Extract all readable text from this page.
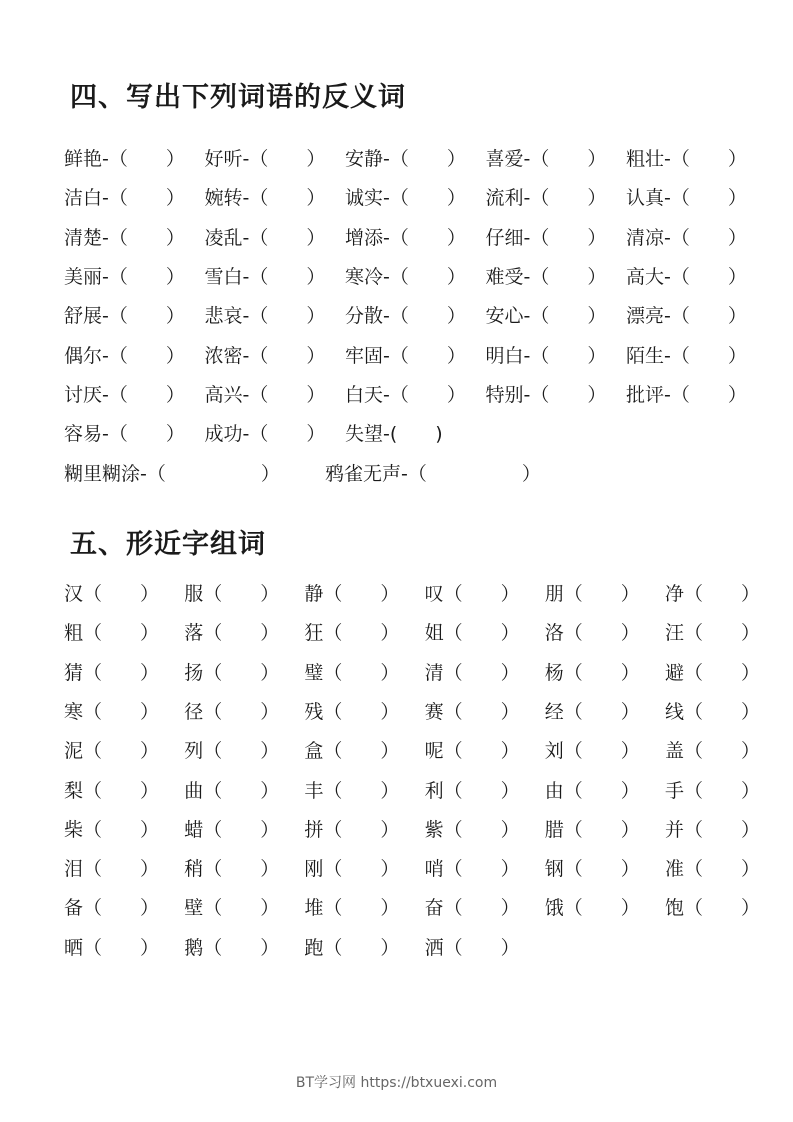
四、写出下列词语的反义词
鲜艳-（　　） 好听-（　　） 安静-（　　） 喜爱-（　　） 粗壮-（　　）
洁白-（　　） 婉转-（　　） 诚实-（　　） 流利-（　　） 认真-（　　）
清楚-（　　） 凌乱-（　　） 增添-（　　） 仔细-（　　） 清凉-（　　）
美丽-（　　） 雪白-（　　） 寒冷-（　　） 难受-（　　） 高大-（　　）
舒展-（　　） 悲哀-（　　） 分散-（　　） 安心-（　　） 漂亮-（　　）
偶尔-（　　） 浓密-（　　） 牢固-（　　） 明白-（　　） 陌生-（　　）
讨厌-（　　） 高兴-（　　） 白天-（　　） 特别-（　　） 批评-（　　）
容易-（　　） 成功-（　　） 失望-(　　)
糊里糊涂-（　　　　　） 鸦雀无声-（　　　　　）
五、形近字组词
汉（　　） 服（　　） 静（　　） 叹（　　） 朋（　　） 净（　　）
粗（　　） 落（　　） 狂（　　） 姐（　　） 洛（　　） 汪（　　）
猜（　　） 扬（　　） 璧（　　） 清（　　） 杨（　　） 避（　　）
寒（　　） 径（　　） 残（　　） 赛（　　） 经（　　） 线（　　）
泥（　　） 列（　　） 盒（　　） 呢（　　） 刘（　　） 盖（　　）
梨（　　） 曲（　　） 丰（　　） 利（　　） 由（　　） 手（　　）
柴（　　） 蜡（　　） 拼（　　） 紫（　　） 腊（　　） 并（　　）
泪（　　） 稍（　　） 刚（　　） 哨（　　） 钢（　　） 准（　　）
备（　　） 壁（　　） 堆（　　） 奋（　　） 饿（　　） 饱（　　）
晒（　　） 鹅（　　） 跑（　　） 洒（　　）
BT学习网 https://btxuexi.com
